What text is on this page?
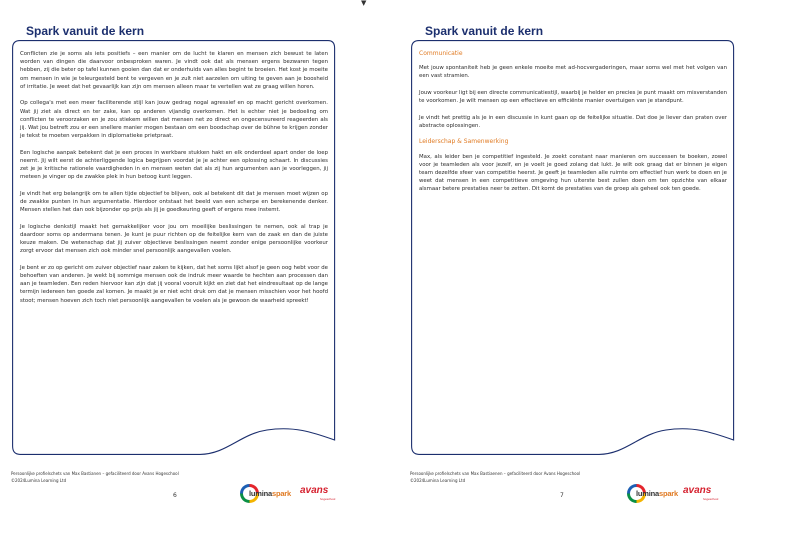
▼
Spark vanuit de kern

Conflicten zie je soms als iets positiefs – een manier om de lucht te klaren en mensen zich bewust te laten worden van dingen die daarvoor onbesproken waren. Je vindt ook dat als mensen ergens bezwaren tegen hebben, zij die beter op tafel kunnen gooien dan dat er onderhuids van alles begint te broeien. Het kost je moeite om mensen in wie je teleurgesteld bent te vergeven en je zult niet aarzelen om uiting te geven aan je boosheid of irritatie. Je weet dat het gevaarlijk kan zijn om mensen alleen maar te vertellen wat ze graag willen horen.

Op collega's met een meer faciliterende stijl kan jouw gedrag nogal agressief en op macht gericht overkomen. Wat jij ziet als direct en ter zake, kan op anderen vijandig overkomen. Het is echter niet je bedoeling om conflicten te veroorzaken en je zou stiekem willen dat mensen net zo direct en ongecensureerd reageerden als jij. Wat jou betreft zou er een snellere manier mogen bestaan om een boodschap over de bühne te krijgen zonder je tekst te moeten verpakken in diplomatieke prietpraat.

Een logische aanpak betekent dat je een proces in werkbare stukken hakt en elk onderdeel apart onder de loep neemt. Jij wilt eerst de achterliggende logica begrijpen voordat je je achter een oplossing schaart. In discussies zet je je kritische rationele vaardigheden in en mensen weten dat als zij hun argumenten aan je voorleggen, jij meteen je vinger op de zwakke plek in hun betoog kunt leggen.

Je vindt het erg belangrijk om te allen tijde objectief te blijven, ook al betekent dit dat je mensen moet wijzen op de zwakke punten in hun argumentatie. Hierdoor ontstaat het beeld van een scherpe en berekenende denker. Mensen stellen het dan ook bijzonder op prijs als jij je goedkeuring geeft of ergens mee instemt.

Je logische denkstijl maakt het gemakkelijker voor jou om moeilijke beslissingen te nemen, ook al trap je daardoor soms op andermans tenen. Je kunt je puur richten op de feitelijke kern van de zaak en dan de juiste keuze maken. De wetenschap dat jij zuiver objectieve beslissingen neemt zonder enige persoonlijke voorkeur zorgt ervoor dat mensen zich ook minder snel persoonlijk aangevallen voelen.

Je bent er zo op gericht om zuiver objectief naar zaken te kijken, dat het soms lijkt alsof je geen oog hebt voor de behoeften van anderen. Je wekt bij sommige mensen ook de indruk meer waarde te hechten aan processen dan aan je teamleden. Een reden hiervoor kan zijn dat jij vooral vooruit kijkt en ziet dat het eindresultaat op de lange termijn iedereen ten goede zal komen. Je maakt je er niet echt druk om dat je mensen misschien voor het hoofd stoot; mensen hoeven zich toch niet persoonlijk aangevallen te voelen als je gewoon de waarheid spreekt!

Persoonlijke profielschets van Max Bastianen – gefaciliteerd door Avans Hogeschool
©2024Lumina Learning Ltd
6	luminaspark avans
hogeschool
Spark vanuit de kern
Communicatie

Met jouw spontaniteit heb je geen enkele moeite met ad-hocvergaderingen, maar soms wel met het volgen van een vast stramien.

Jouw voorkeur ligt bij een directe communicatiestijl, waarbij je helder en precies je punt maakt om misverstanden te voorkomen. Je wilt mensen op een effectieve en efficiënte manier overtuigen van je standpunt.

Je vindt het prettig als je in een discussie in kunt gaan op de feitelijke situatie. Dat doe je liever dan praten over abstracte oplossingen.

Leiderschap & Samenwerking

Max, als leider ben je competitief ingesteld. Je zoekt constant naar manieren om successen te boeken, zowel voor je teamleden als voor jezelf, en je voelt je goed zolang dat lukt. Je wilt ook graag dat er binnen je eigen team dezelfde sfeer van competitie heerst. Je geeft je teamleden alle ruimte om effectief hun werk te doen en je weet dat mensen in een competitieve omgeving hun uiterste best zullen doen om ten opzichte van elkaar alsmaar betere prestaties neer te zetten. Dit komt de prestaties van de groep als geheel ook ten goede.

Persoonlijke profielschets van Max Bastiaenen – gefaciliteerd door Avans Hogeschool
©2024Lumina Learning Ltd
7	luminaspark avans
hogeschool
